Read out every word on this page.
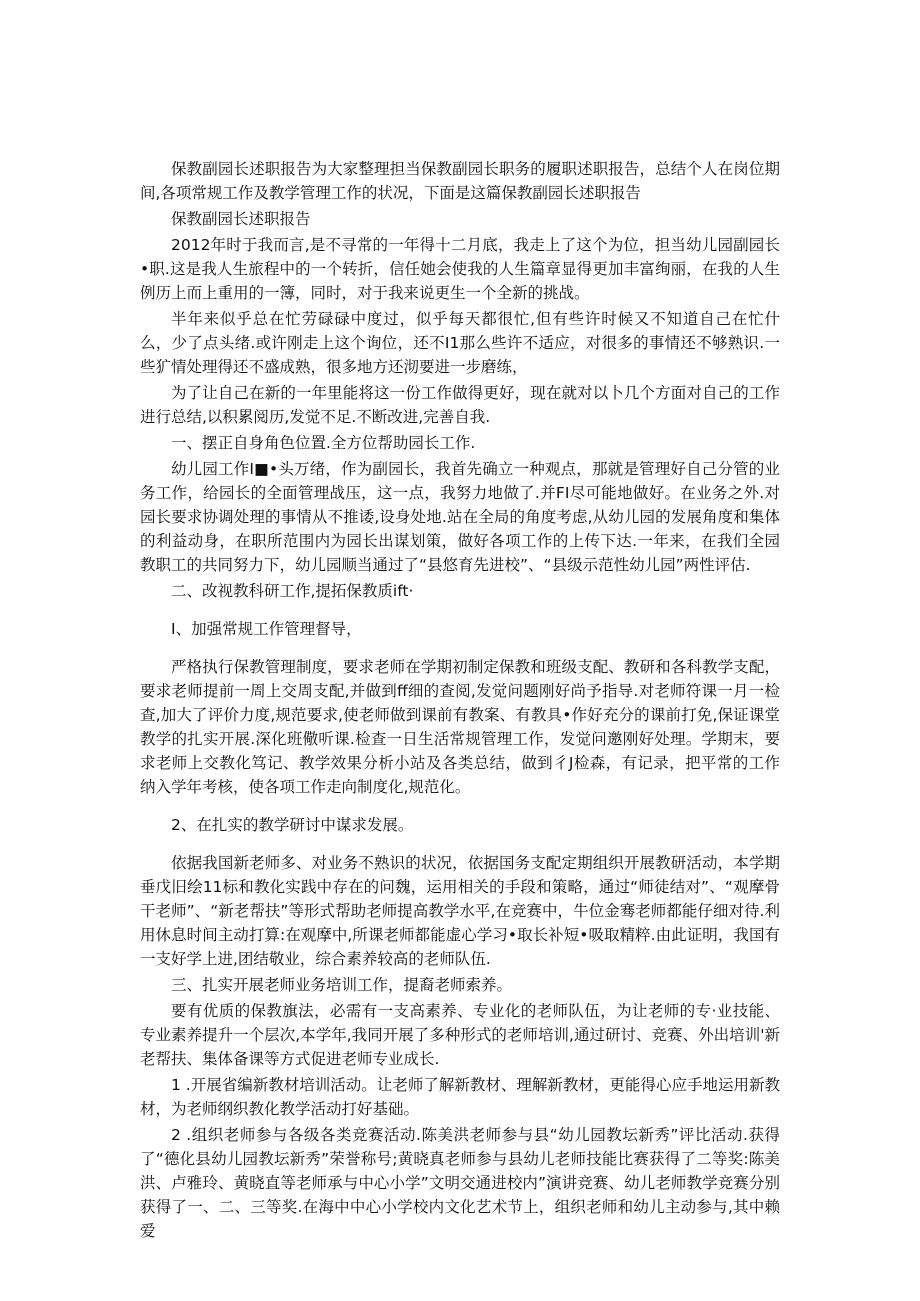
保教副园长述职报告为大家整理担当保教副园长职务的履职述职报告，总结个人在岗位期间,各项常规工作及教学管理工作的状况，下面是这篇保教副园长述职报告

保教副园长述职报告

2012年时于我而言,是不寻常的一年得十二月底，我走上了这个为位，担当幼儿园副园长•职.这是我人生旅程中的一个转折，信任她会使我的人生篇章显得更加丰富绚丽，在我的人生例历上而上重用的一簿，同时，对于我来说更生一个全新的挑战。

半年来似乎总在忙劳碌碌中度过，似乎每天都很忙,但有些许时候又不知道自己在忙什么，少了点头绪.或许刚走上这个询位，还不I1那么些许不适应，对很多的事情还不够熟识.一些犷情处理得还不盛成熟，很多地方还沏要进一步磨练，

为了让自己在新的一年里能将这一份工作做得更好，现在就对以卜几个方面对自己的工作进行总结,以积累阅历,发觉不足.不断改进,完善自我.

一、摆正自身角色位置.全方位帮助园长工作.

幼儿园工作I■•头万绪，作为副园长，我首先确立一种观点，那就是管理好自己分管的业务工作，给园长的全面管理战压，这一点，我努力地做了.并FI尽可能地做好。在业务之外.对园长要求协调处理的事情从不推诿,设身处地.站在全局的角度考虑,从幼儿园的发展角度和集体的利益动身，在职所范围内为园长出谋划策，做好各项工作的上传下达.一年来，在我们全园教职工的共同努力下，幼儿园顺当通过了“县悠育先进校”、“县级示范性幼儿园”两性评估.

二、改视教科研工作,提拓保教质ift·

I、加强常规工作管理督导，

严格执行保教管理制度，要求老师在学期初制定保教和班级支配、教研和各科教学支配，要求老师提前一周上交周支配,并做到ff细的查阅,发觉问题刚好尚予指导.对老师符课一月一检查,加大了评价力度,规范要求,使老师做到课前有教案、有教具•作好充分的课前打免,保证课堂教学的扎实开展.深化班儆听课.检查一日生活常规管理工作，发觉问邀刚好处理。学期末，要求老师上交教化笃记、教学效果分析小站及各类总结，做到彳J检森，有记录，把平常的工作纳入学年考核，使各项工作走向制度化,规范化。

2、在扎实的教学研讨中谋求发展。

依据我国新老师多、对业务不熟识的状况，依据国务支配定期组织开展教研活动，本学期垂戊旧绘11标和教化实践中存在的问魏，运用相关的手段和策略，通过“师徒结对”、“观摩骨干老师”、“新老帮扶”等形式帮助老师提高教学水平,在竞赛中，牛位金骞老师都能仔细对待.利用休息时间主动打算:在观摩中,所课老师都能虚心学习•取长补短•吸取精粹.由此证明，我国有一支好学上进,团结敬业，综合素养较高的老师队伍.

三、扎实开展老师业务培训工作，提裔老师索养。

要有优质的保教旗法，必需有一支高素养、专业化的老师队伍，为让老师的专·业技能、专业素养提升一个层次,本学年,我同开展了多种形式的老师培训,通过研讨、竞赛、外出培训'新老帮扶、集体备课等方式促进老师专业成长.

1 .开展省编新教材培训活动。让老师了解新教材、理解新教材，更能得心应手地运用新教材，为老师纲织教化教学活动打好基础。

2 .组织老师参与各级各类竞赛活动.陈美洪老师参与县“幼儿园教坛新秀”评比活动.获得了“德化县幼儿园教坛新秀”荣誉称号;黄晓真老师参与县幼儿老师技能比赛获得了二等奖:陈美洪、卢雅玲、黄晓直等老师承与中心小学”文明交通进校内”演讲竞赛、幼儿老师教学竞赛分别获得了一、二、三等奖.在海中中心小学校内文化艺术节上，组织老师和幼儿主动参与,其中赖爱
